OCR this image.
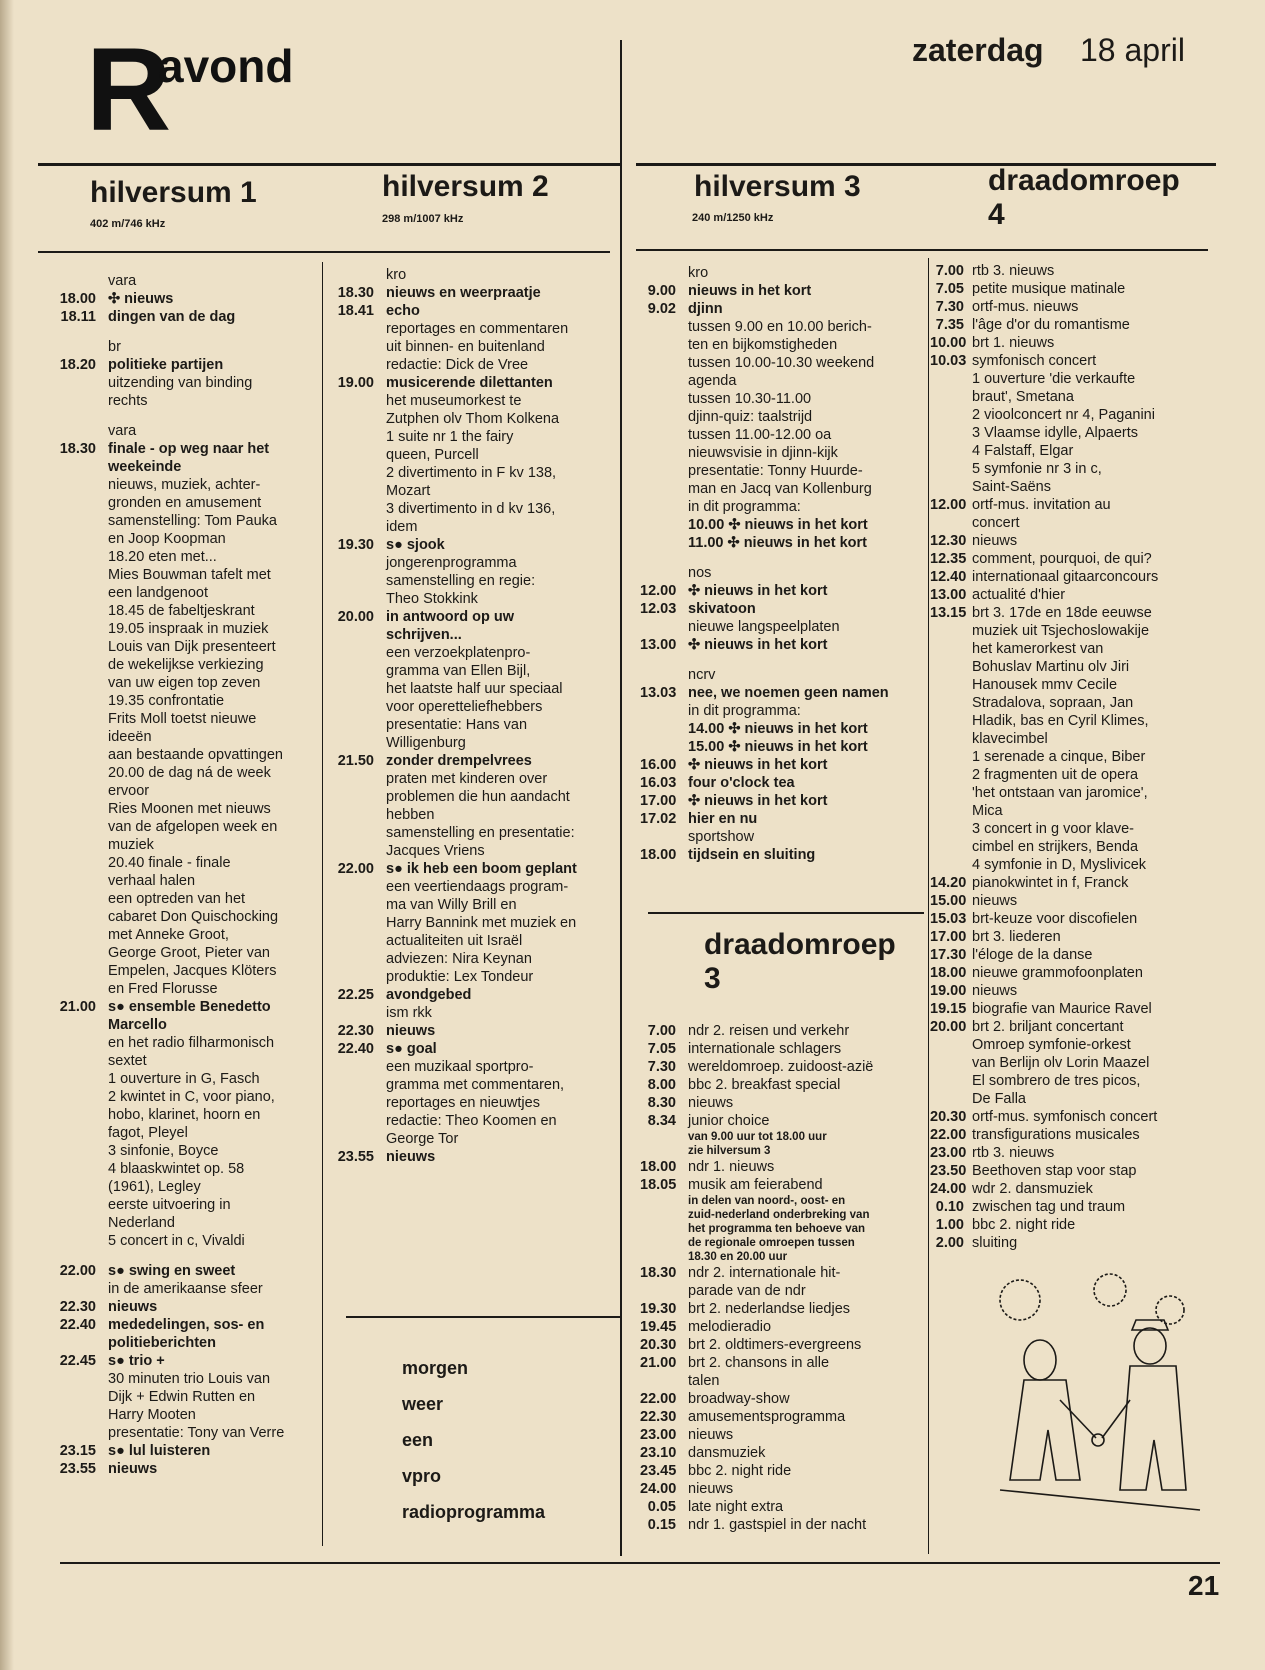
R
avond	zaterdag 18 april
hilversum 1
402 m/746 kHz
hilversum 2
298 m/1007 kHz
hilversum 3
240 m/1250 kHz
draadomroep
4
draadomroep
3
vara
18.00 ✣ nieuws
18.11 dingen van de dag
br
18.20 politieke partijen
uitzending van binding
rechts
vara
18.30 finale - op weg naar het
weekeinde
nieuws, muziek, achter-
gronden en amusement
samenstelling: Tom Pauka
en Joop Koopman
18.20 eten met...
Mies Bouwman tafelt met
een landgenoot
18.45 de fabeltjeskrant
19.05 inspraak in muziek
Louis van Dijk presenteert
de wekelijkse verkiezing
van uw eigen top zeven
19.35 confrontatie
Frits Moll toetst nieuwe
ideeën
aan bestaande opvattingen
20.00 de dag ná de week
ervoor
Ries Moonen met nieuws
van de afgelopen week en
muziek
20.40 finale - finale
verhaal halen
een optreden van het
cabaret Don Quischocking
met Anneke Groot,
George Groot, Pieter van
Empelen, Jacques Klöters
en Fred Florusse
21.00 s● ensemble Benedetto
Marcello
en het radio filharmonisch
sextet
1 ouverture in G, Fasch
2 kwintet in C, voor piano,
hobo, klarinet, hoorn en
fagot, Pleyel
3 sinfonie, Boyce
4 blaaskwintet op. 58
(1961), Legley
eerste uitvoering in
Nederland
5 concert in c, Vivaldi
22.00 s● swing en sweet
in de amerikaanse sfeer
22.30 nieuws
22.40 mededelingen, sos- en
politieberichten
22.45 s● trio +
30 minuten trio Louis van
Dijk + Edwin Rutten en
Harry Mooten
presentatie: Tony van Verre
23.15 s● lul luisteren
23.55 nieuws
kro
18.30 nieuws en weerpraatje
18.41 echo
reportages en commentaren
uit binnen- en buitenland
redactie: Dick de Vree
19.00 musicerende dilettanten
het museumorkest te
Zutphen olv Thom Kolkena
1 suite nr 1 the fairy
queen, Purcell
2 divertimento in F kv 138,
Mozart
3 divertimento in d kv 136,
idem
19.30 s● sjook
jongerenprogramma
samenstelling en regie:
Theo Stokkink
20.00 in antwoord op uw
schrijven...
een verzoekplatenpro-
gramma van Ellen Bijl,
het laatste half uur speciaal
voor operetteliefhebbers
presentatie: Hans van
Willigenburg
21.50 zonder drempelvrees
praten met kinderen over
problemen die hun aandacht
hebben
samenstelling en presentatie:
Jacques Vriens
22.00 s● ik heb een boom geplant
een veertiendaags program-
ma van Willy Brill en
Harry Bannink met muziek en
actualiteiten uit Israël
adviezen: Nira Keynan
produktie: Lex Tondeur
22.25 avondgebed
ism rkk
22.30 nieuws
22.40 s● goal
een muzikaal sportpro-
gramma met commentaren,
reportages en nieuwtjes
redactie: Theo Koomen en
George Tor
23.55 nieuws
kro
9.00 nieuws in het kort
9.02 djinn
tussen 9.00 en 10.00 berich-
ten en bijkomstigheden
tussen 10.00-10.30 weekend
agenda
tussen 10.30-11.00
djinn-quiz: taalstrijd
tussen 11.00-12.00 oa
nieuwsvisie in djinn-kijk
presentatie: Tonny Huurde-
man en Jacq van Kollenburg
in dit programma:
10.00 ✣ nieuws in het kort
11.00 ✣ nieuws in het kort
nos
12.00 ✣ nieuws in het kort
12.03 skivatoon
nieuwe langspeelplaten
13.00 ✣ nieuws in het kort
ncrv
13.03 nee, we noemen geen namen
in dit programma:
14.00 ✣ nieuws in het kort
15.00 ✣ nieuws in het kort
16.00 ✣ nieuws in het kort
16.03 four o'clock tea
17.00 ✣ nieuws in het kort
17.02 hier en nu
sportshow
18.00 tijdsein en sluiting
7.00 ndr 2. reisen und verkehr
7.05 internationale schlagers
7.30 wereldomroep. zuidoost-azië
8.00 bbc 2. breakfast special
8.30 nieuws
8.34 junior choice
van 9.00 uur tot 18.00 uur
zie hilversum 3
18.00 ndr 1. nieuws
18.05 musik am feierabend
in delen van noord-, oost- en
zuid-nederland onderbreking van
het programma ten behoeve van
de regionale omroepen tussen
18.30 en 20.00 uur
18.30 ndr 2. internationale hit-
parade van de ndr
19.30 brt 2. nederlandse liedjes
19.45 melodieradio
20.30 brt 2. oldtimers-evergreens
21.00 brt 2. chansons in alle
talen
22.00 broadway-show
22.30 amusementsprogramma
23.00 nieuws
23.10 dansmuziek
23.45 bbc 2. night ride
24.00 nieuws
0.05 late night extra
0.15 ndr 1. gastspiel in der nacht
7.00 rtb 3. nieuws
7.05 petite musique matinale
7.30 ortf-mus. nieuws
7.35 l'âge d'or du romantisme
10.00 brt 1. nieuws
10.03 symfonisch concert
1 ouverture 'die verkaufte
braut', Smetana
2 vioolconcert nr 4, Paganini
3 Vlaamse idylle, Alpaerts
4 Falstaff, Elgar
5 symfonie nr 3 in c,
Saint-Saëns
12.00 ortf-mus. invitation au
concert
12.30 nieuws
12.35 comment, pourquoi, de qui?
12.40 internationaal gitaarconcours
13.00 actualité d'hier
13.15 brt 3. 17de en 18de eeuwse
muziek uit Tsjechoslowakije
het kamerorkest van
Bohuslav Martinu olv Jiri
Hanousek mmv Cecile
Stradalova, sopraan, Jan
Hladik, bas en Cyril Klimes,
klavecimbel
1 serenade a cinque, Biber
2 fragmenten uit de opera
'het ontstaan van jaromice',
Mica
3 concert in g voor klave-
cimbel en strijkers, Benda
4 symfonie in D, Myslivicek
14.20 pianokwintet in f, Franck
15.00 nieuws
15.03 brt-keuze voor discofielen
17.00 brt 3. liederen
17.30 l'éloge de la danse
18.00 nieuwe grammofoonplaten
19.00 nieuws
19.15 biografie van Maurice Ravel
20.00 brt 2. briljant concertant
Omroep symfonie-orkest
van Berlijn olv Lorin Maazel
El sombrero de tres picos,
De Falla
20.30 ortf-mus. symfonisch concert
22.00 transfigurations musicales
23.00 rtb 3. nieuws
23.50 Beethoven stap voor stap
24.00 wdr 2. dansmuziek
0.10 zwischen tag und traum
1.00 bbc 2. night ride
2.00 sluiting
morgen
weer
een
vpro
radioprogramma
21
